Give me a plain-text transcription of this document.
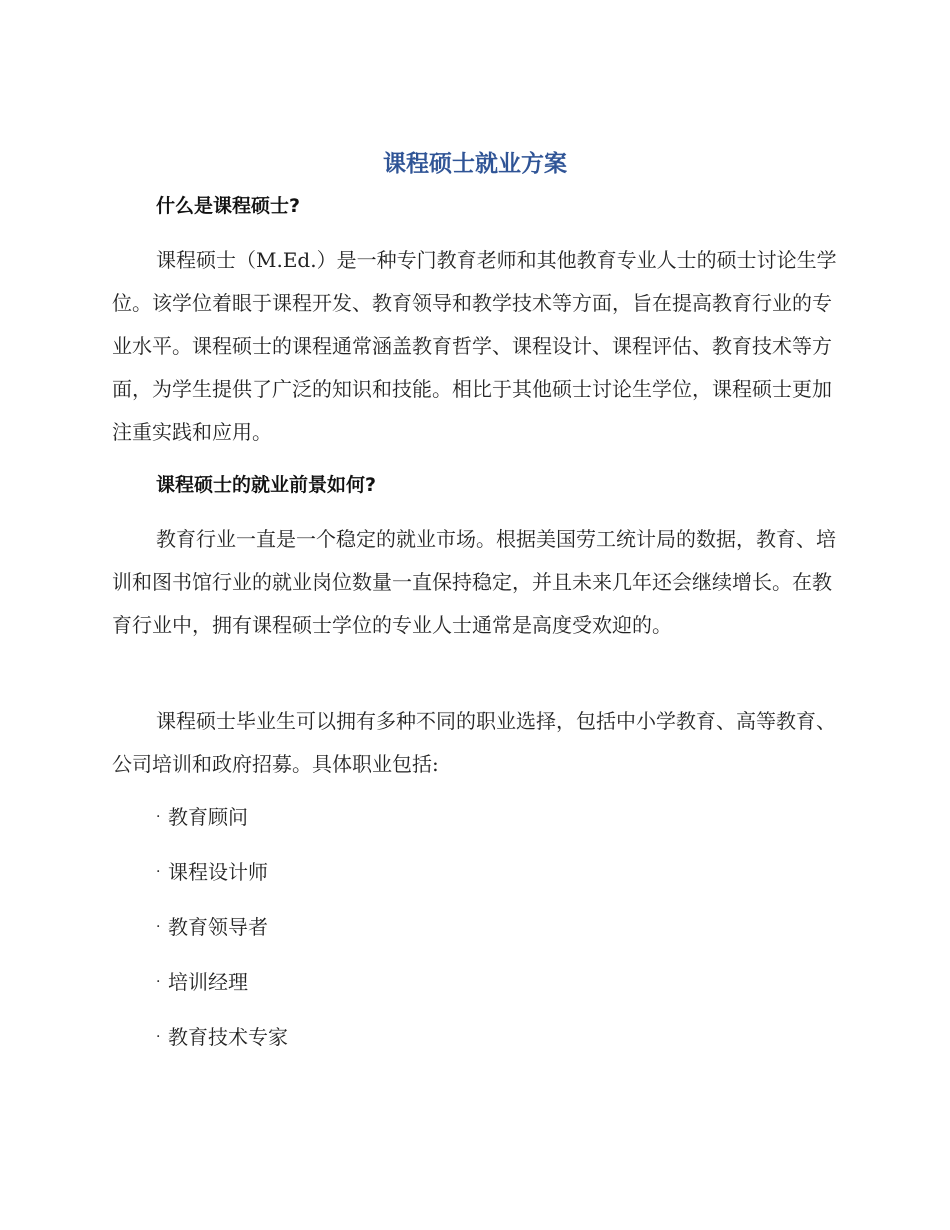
课程硕士就业方案
什么是课程硕士?

课程硕士（M.Ed.）是一种专门教育老师和其他教育专业人士的硕士讨论生学位。该学位着眼于课程开发、教育领导和教学技术等方面，旨在提高教育行业的专业水平。课程硕士的课程通常涵盖教育哲学、课程设计、课程评估、教育技术等方面，为学生提供了广泛的知识和技能。相比于其他硕士讨论生学位，课程硕士更加注重实践和应用。

课程硕士的就业前景如何?

教育行业一直是一个稳定的就业市场。根据美国劳工统计局的数据，教育、培训和图书馆行业的就业岗位数量一直保持稳定，并且未来几年还会继续增长。在教育行业中，拥有课程硕士学位的专业人士通常是高度受欢迎的。

课程硕士毕业生可以拥有多种不同的职业选择，包括中小学教育、高等教育、公司培训和政府招募。具体职业包括:

· 教育顾问
· 课程设计师
· 教育领导者
· 培训经理
· 教育技术专家
